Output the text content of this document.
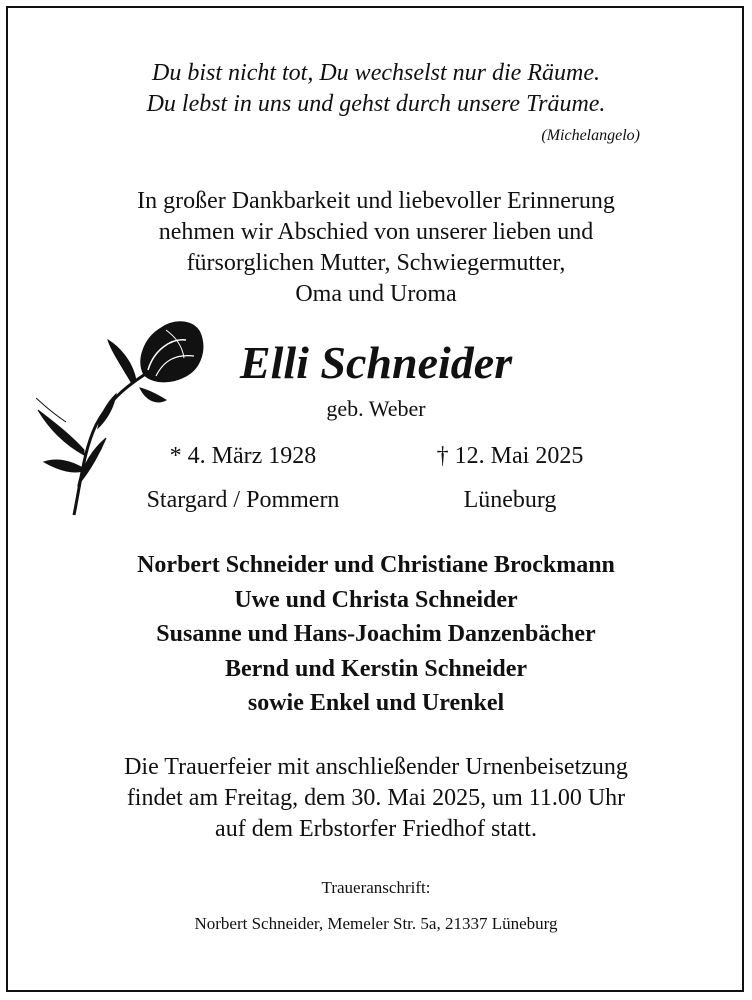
Du bist nicht tot, Du wechselst nur die Räume.
Du lebst in uns und gehst durch unsere Träume.
(Michelangelo)
In großer Dankbarkeit und liebevoller Erinnerung
nehmen wir Abschied von unserer lieben und
fürsorglichen Mutter, Schwiegermutter,
Oma und Uroma
Elli Schneider
geb. Weber
* 4. März 1928
Stargard / Pommern
† 12. Mai 2025
Lüneburg
Norbert Schneider und Christiane Brockmann
Uwe und Christa Schneider
Susanne und Hans-Joachim Danzenbächer
Bernd und Kerstin Schneider
sowie Enkel und Urenkel
Die Trauerfeier mit anschließender Urnenbeisetzung
findet am Freitag, dem 30. Mai 2025, um 11.00 Uhr
auf dem Erbstorfer Friedhof statt.
Traueranschrift:
Norbert Schneider, Memeler Str. 5a, 21337 Lüneburg
